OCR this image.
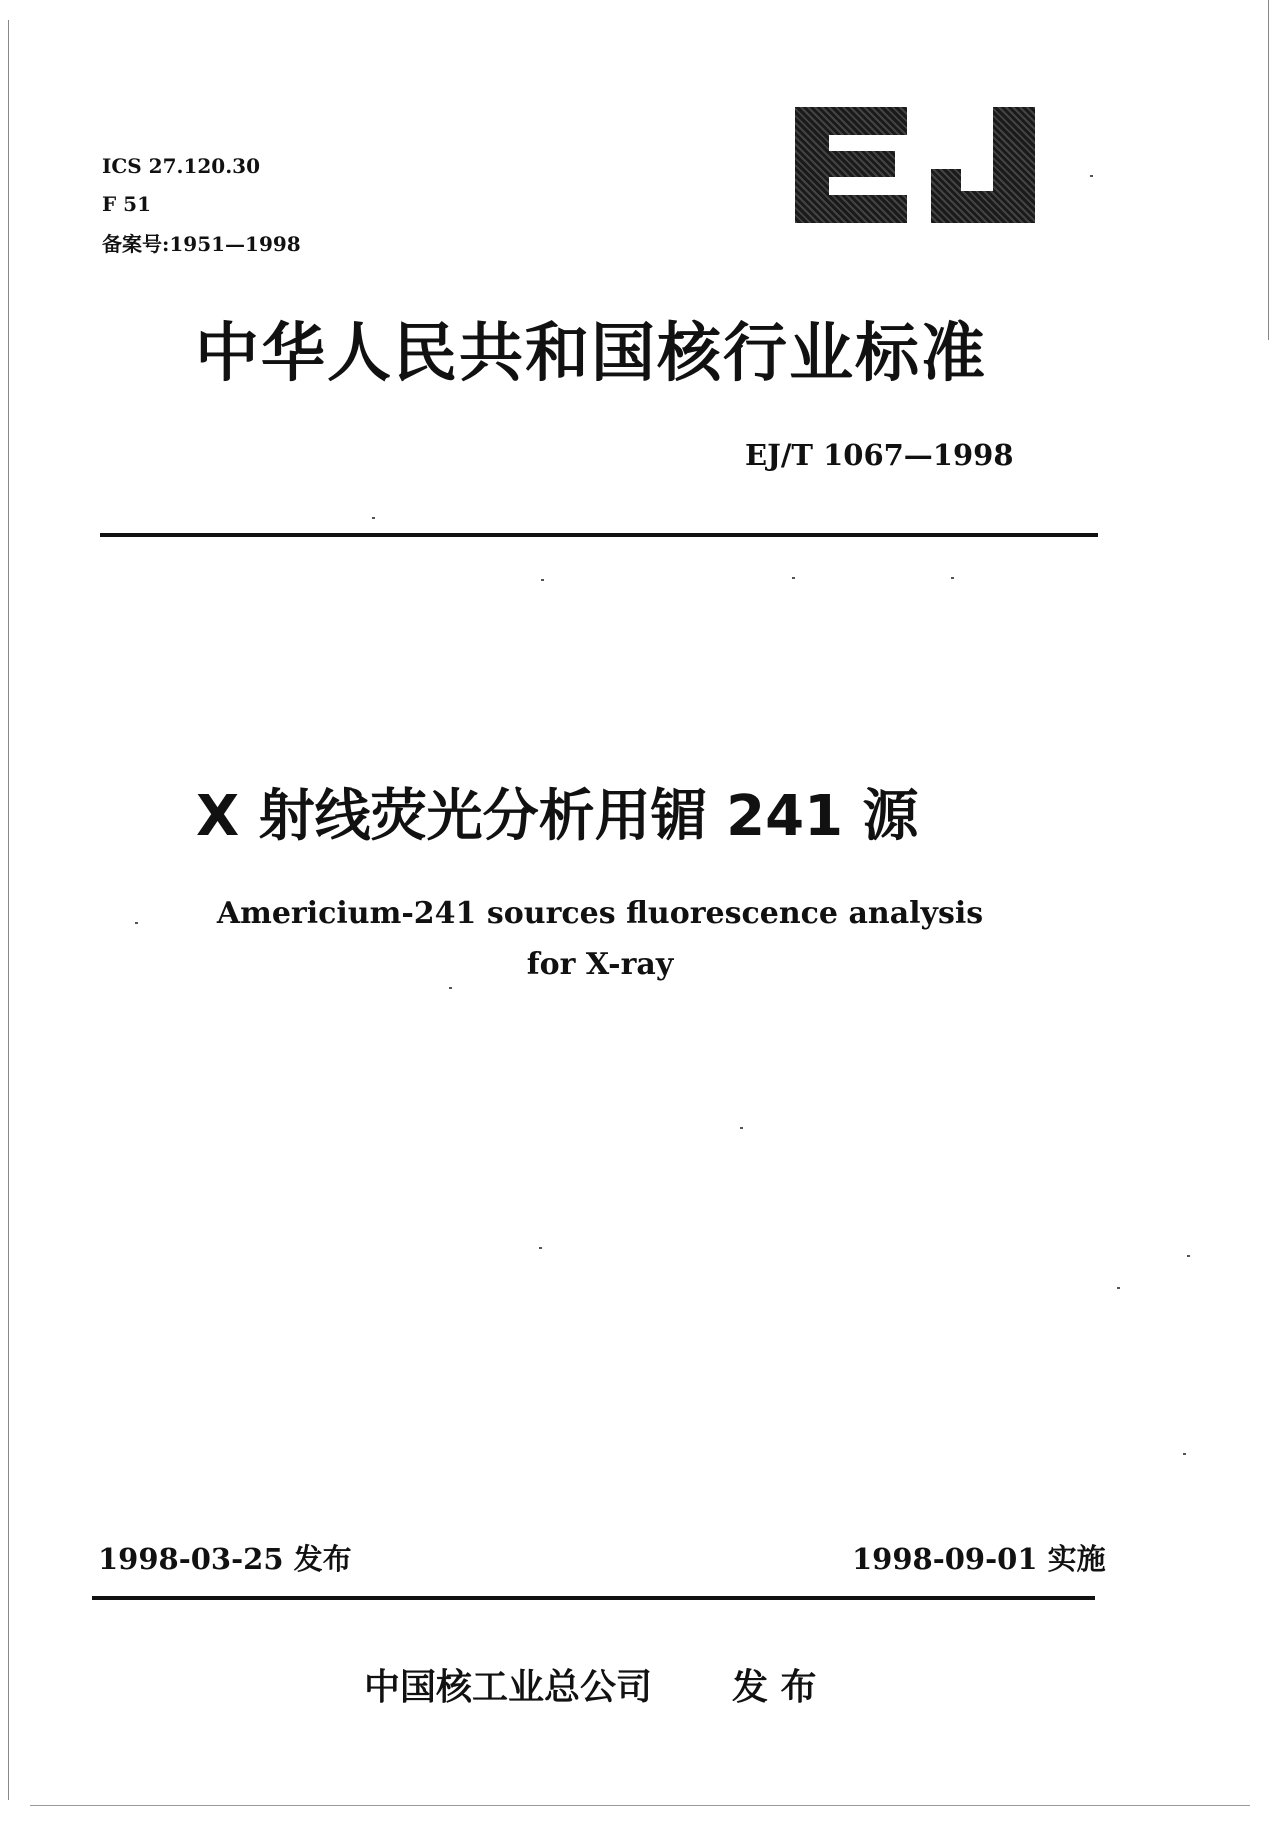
ICS 27.120.30
F 51
备案号:1951—1998
中华人民共和国核行业标准
EJ/T 1067—1998
X 射线荧光分析用镅 241 源
Americium-241 sources fluorescence analysis
for X-ray
1998-03-25 发布	1998-09-01 实施
中国核工业总公司 发 布
